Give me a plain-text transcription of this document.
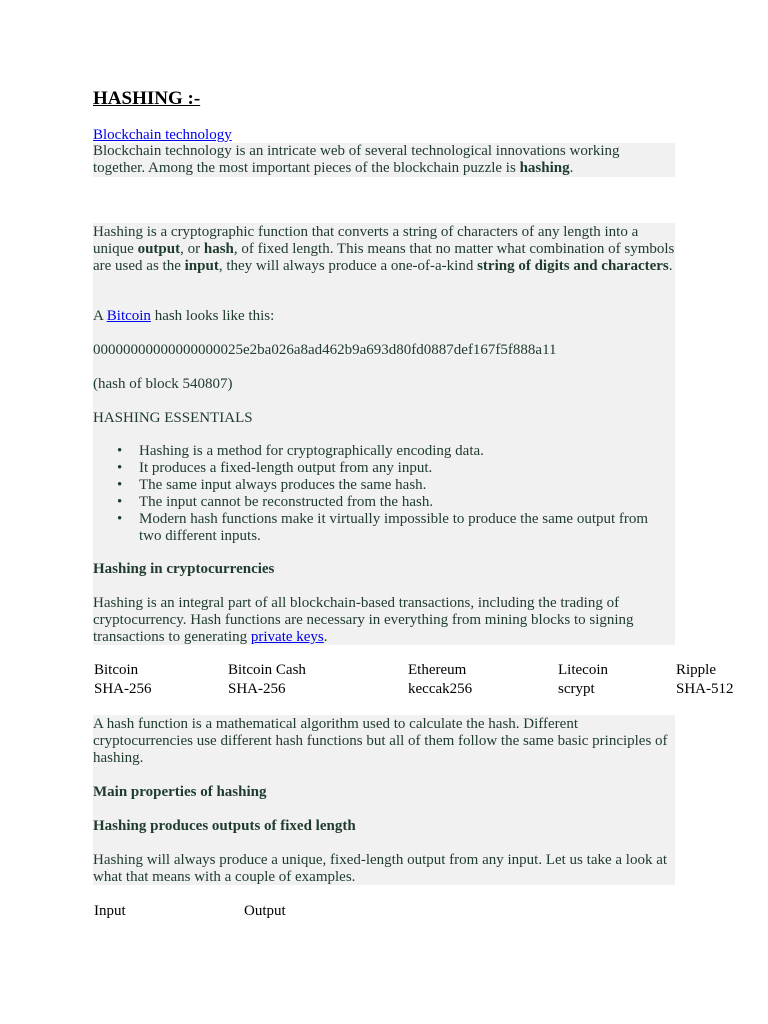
HASHING :-
Blockchain technology
Blockchain technology is an intricate web of several technological innovations working together. Among the most important pieces of the blockchain puzzle is hashing.
Hashing is a cryptographic function that converts a string of characters of any length into a unique output, or hash, of fixed length. This means that no matter what combination of symbols are used as the input, they will always produce a one-of-a-kind string of digits and characters.
A Bitcoin hash looks like this:
00000000000000000025e2ba026a8ad462b9a693d80fd0887def167f5f888a11
(hash of block 540807)
HASHING ESSENTIALS
• Hashing is a method for cryptographically encoding data.
• It produces a fixed-length output from any input.
• The same input always produces the same hash.
• The input cannot be reconstructed from the hash.
• Modern hash functions make it virtually impossible to produce the same output from two different inputs.
Hashing in cryptocurrencies
Hashing is an integral part of all blockchain-based transactions, including the trading of cryptocurrency. Hash functions are necessary in everything from mining blocks to signing transactions to generating private keys.
Bitcoin	Bitcoin Cash	Ethereum	Litecoin	Ripple
SHA-256	SHA-256	keccak256	scrypt	SHA-512
A hash function is a mathematical algorithm used to calculate the hash. Different cryptocurrencies use different hash functions but all of them follow the same basic principles of hashing.
Main properties of hashing
Hashing produces outputs of fixed length
Hashing will always produce a unique, fixed-length output from any input. Let us take a look at what that means with a couple of examples.
Input	Output
